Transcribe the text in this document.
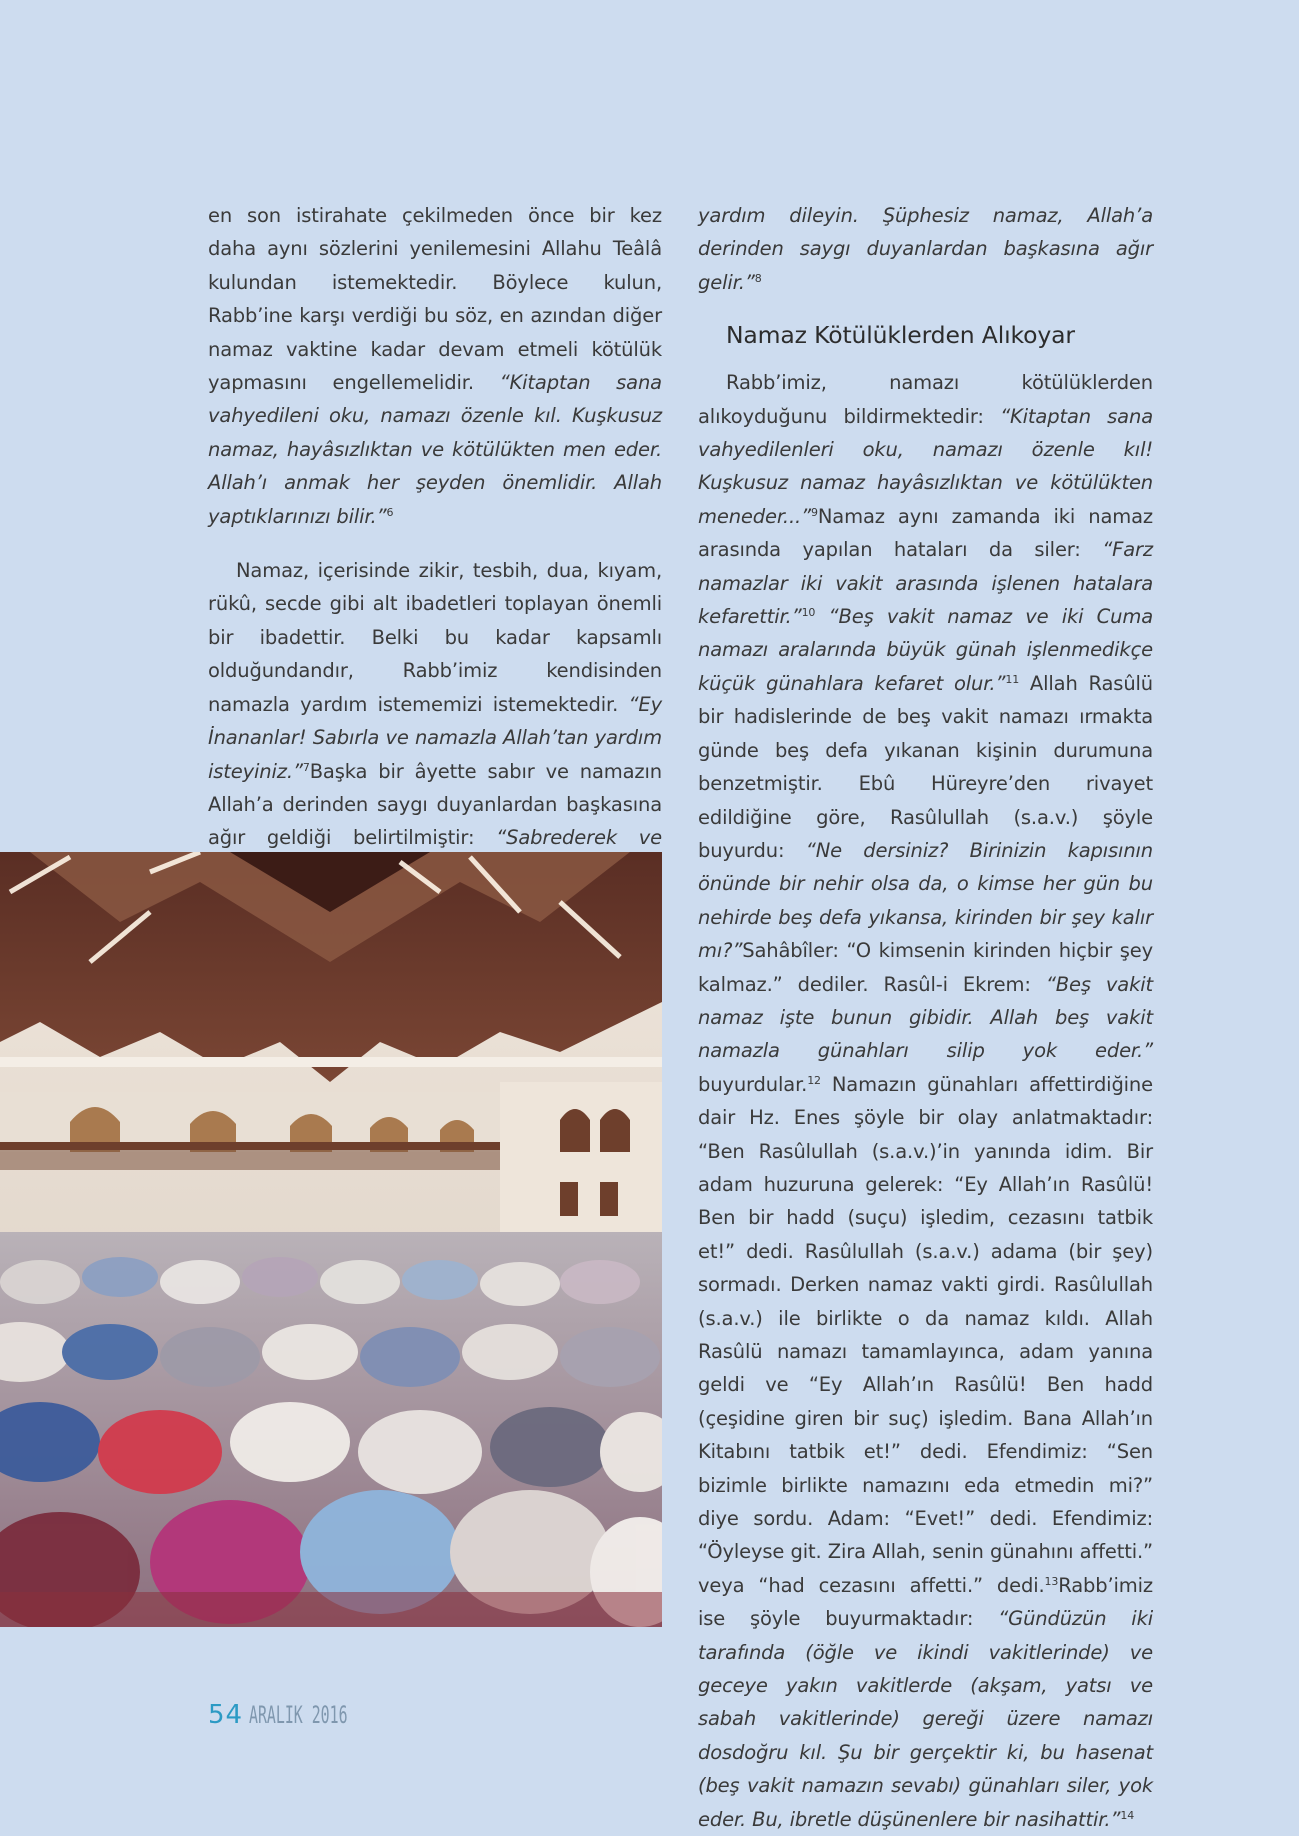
en son istirahate çekilmeden önce bir kez daha aynı sözlerini yenilemesini Allahu Teâlâ kulundan istemektedir. Böylece kulun, Rabb’ine karşı verdiği bu söz, en azından diğer namaz vaktine kadar devam etmeli kötülük yapmasını engellemelidir. “Kitaptan sana vahyedileni oku, namazı özenle kıl. Kuşkusuz namaz, hayâsızlıktan ve kötülükten men eder. Allah’ı anmak her şeyden önemlidir. Allah yaptıklarınızı bilir.”$^6$

Namaz, içerisinde zikir, tesbih, dua, kıyam, rükû, secde gibi alt ibadetleri toplayan önemli bir ibadettir. Belki bu kadar kapsamlı olduğundandır, Rabb’imiz kendisinden namazla yardım istememizi istemektedir. “Ey İnananlar! Sabırla ve namazla Allah’tan yardım isteyiniz.”$^7$Başka bir âyette sabır ve namazın Allah’a derinden saygı duyanlardan başkasına ağır geldiği belirtilmiştir: “Sabrederek ve

yardım dileyin. Şüphesiz namaz, Allah’a derinden saygı duyanlardan başkasına ağır gelir.”$^8$

Namaz Kötülüklerden Alıkoyar

Rabb’imiz, namazı kötülüklerden alıkoyduğunu bildirmektedir: “Kitaptan sana vahyedilenleri oku, namazı özenle kıl! Kuşkusuz namaz hayâsızlıktan ve kötülükten meneder...”$^9$Namaz aynı zamanda iki namaz arasında yapılan hataları da siler: “Farz namazlar iki vakit arasında işlenen hatalara kefarettir.”$^{10}$ “Beş vakit namaz ve iki Cuma namazı aralarında büyük günah işlenmedikçe küçük günahlara kefaret olur.”$^{11}$ Allah Rasûlü bir hadislerinde de beş vakit namazı ırmakta günde beş defa yıkanan kişinin durumuna benzetmiştir. Ebû Hüreyre’den rivayet edildiğine göre, Rasûlullah (s.a.v.) şöyle buyurdu: “Ne dersiniz? Birinizin kapısının önünde bir nehir olsa da, o kimse her gün bu nehirde beş defa yıkansa, kirinden bir şey kalır mı?”Sahâbîler: “O kimsenin kirinden hiçbir şey kalmaz.” dediler. Rasûl-i Ekrem: “Beş vakit namaz işte bunun gibidir. Allah beş vakit namazla günahları silip yok eder.” buyurdular.$^{12}$ Namazın günahları affettirdiğine dair Hz. Enes şöyle bir olay anlatmaktadır: “Ben Rasûlullah (s.a.v.)’in yanında idim. Bir adam huzuruna gelerek: “Ey Allah’ın Rasûlü! Ben bir hadd (suçu) işledim, cezasını tatbik et!” dedi. Rasûlullah (s.a.v.) adama (bir şey) sormadı. Derken namaz vakti girdi. Rasûlullah (s.a.v.) ile birlikte o da namaz kıldı. Allah Rasûlü namazı tamamlayınca, adam yanına geldi ve “Ey Allah’ın Rasûlü! Ben hadd (çeşidine giren bir suç) işledim. Bana Allah’ın Kitabını tatbik et!” dedi. Efendimiz: “Sen bizimle birlikte namazını eda etmedin mi?” diye sordu. Adam: “Evet!” dedi. Efendimiz: “Öyleyse git. Zira Allah, senin günahını affetti.” veya “had cezasını affetti.” dedi.$^{13}$Rabb’imiz ise şöyle buyurmaktadır: “Gündüzün iki tarafında (öğle ve ikindi vakitlerinde) ve geceye yakın vakitlerde (akşam, yatsı ve sabah vakitlerinde) gereği üzere namazı dosdoğru kıl. Şu bir gerçektir ki, bu hasenat (beş vakit namazın sevabı) günahları siler, yok eder. Bu, ibretle düşünenlere bir nasihattir.”$^{14}$

54 ARALIK 2016
